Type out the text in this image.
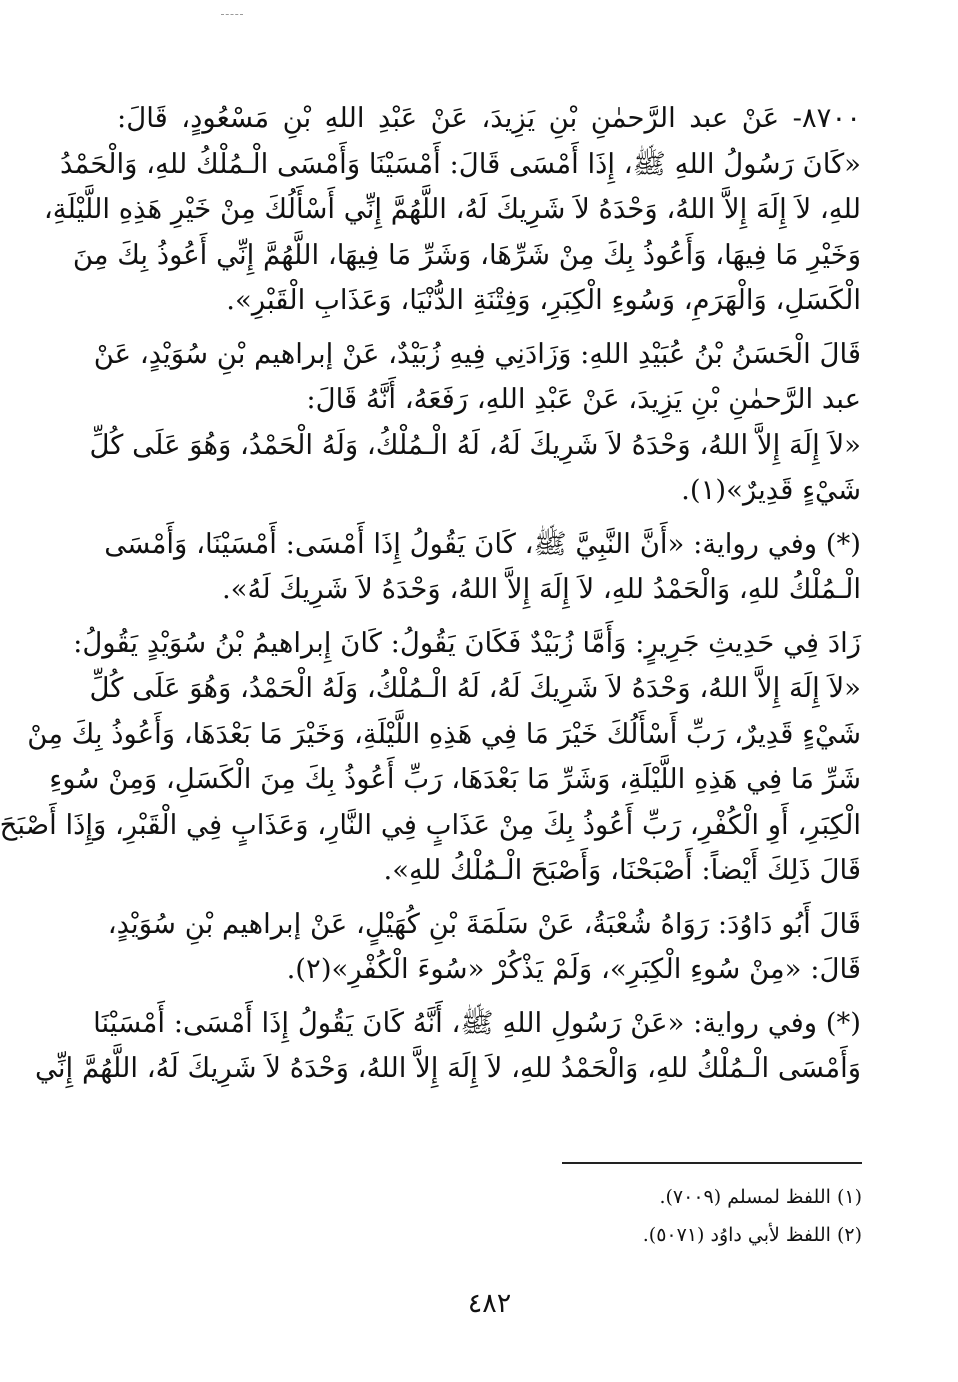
٨٧٠٠- عَنْ عبد الرَّحمٰنِ بْنِ يَزِيدَ، عَنْ عَبْدِ اللهِ بْنِ مَسْعُودٍ، قَالَ:
«كَانَ رَسُولُ اللهِ ﷺ، إِذَا أَمْسَى قَالَ: أَمْسَيْنَا وَأَمْسَى الْـمُلْكُ للهِ، وَالْحَمْدُ
للهِ، لاَ إِلَهَ إِلاَّ اللهُ، وَحْدَهُ لاَ شَرِيكَ لَهُ، اللَّهُمَّ إِنِّي أَسْأَلُكَ مِنْ خَيْرِ هَذِهِ اللَّيْلَةِ،
وَخَيْرِ مَا فِيهَا، وَأَعُوذُ بِكَ مِنْ شَرِّهَا، وَشَرِّ مَا فِيهَا، اللَّهُمَّ إِنِّي أَعُوذُ بِكَ مِنَ
الْكَسَلِ، وَالْهَرَمِ، وَسُوءِ الْكِبَرِ، وَفِتْنَةِ الدُّنْيَا، وَعَذَابِ الْقَبْرِ».
قَالَ الْحَسَنُ بْنُ عُبَيْدِ اللهِ: وَزَادَنِي فِيهِ زُبَيْدٌ، عَنْ إبراهيم بْنِ سُوَيْدٍ، عَنْ
عبد الرَّحمٰنِ بْنِ يَزِيدَ، عَنْ عَبْدِ اللهِ، رَفَعَهُ، أَنَّهُ قَالَ:
«لاَ إِلَهَ إِلاَّ اللهُ، وَحْدَهُ لاَ شَرِيكَ لَهُ، لَهُ الْـمُلْكُ، وَلَهُ الْحَمْدُ، وَهُوَ عَلَى كُلِّ
شَيْءٍ قَدِيرٌ»(١).
(*) وفي رواية: «أَنَّ النَّبِيَّ ﷺ، كَانَ يَقُولُ إِذَا أَمْسَى: أَمْسَيْنَا، وَأَمْسَى
الْـمُلْكُ للهِ، وَالْحَمْدُ للهِ، لاَ إِلَهَ إِلاَّ اللهُ، وَحْدَهُ لاَ شَرِيكَ لَهُ».
زَادَ فِي حَدِيثِ جَرِيرٍ: وَأَمَّا زُبَيْدٌ فَكَانَ يَقُولُ: كَانَ إِبراهيمُ بْنُ سُوَيْدٍ يَقُولُ:
«لاَ إِلَهَ إِلاَّ اللهُ، وَحْدَهُ لاَ شَرِيكَ لَهُ، لَهُ الْـمُلْكُ، وَلَهُ الْحَمْدُ، وَهُوَ عَلَى كُلِّ
شَيْءٍ قَدِيرٌ، رَبِّ أَسْأَلُكَ خَيْرَ مَا فِي هَذِهِ اللَّيْلَةِ، وَخَيْرَ مَا بَعْدَهَا، وَأَعُوذُ بِكَ مِنْ
شَرِّ مَا فِي هَذِهِ اللَّيْلَةِ، وَشَرِّ مَا بَعْدَهَا، رَبِّ أَعُوذُ بِكَ مِنَ الْكَسَلِ، وَمِنْ سُوءِ
الْكِبَرِ، أَوِ الْكُفْرِ، رَبِّ أَعُوذُ بِكَ مِنْ عَذَابٍ فِي النَّارِ، وَعَذَابٍ فِي الْقَبْرِ، وَإِذَا أَصْبَحَ
قَالَ ذَلِكَ أَيْضاً: أَصْبَحْنَا، وَأَصْبَحَ الْـمُلْكُ للهِ».
قَالَ أَبُو دَاوُدَ: رَوَاهُ شُعْبَةُ، عَنْ سَلَمَةَ بْنِ كُهَيْلٍ، عَنْ إبراهيم بْنِ سُوَيْدٍ،
قَالَ: «مِنْ سُوءِ الْكِبَرِ»، وَلَمْ يَذْكُرْ «سُوءَ الْكُفْرِ»(٢).
(*) وفي رواية: «عَنْ رَسُولِ اللهِ ﷺ، أَنَّهُ كَانَ يَقُولُ إِذَا أَمْسَى: أَمْسَيْنَا
وَأَمْسَى الْـمُلْكُ للهِ، وَالْحَمْدُ للهِ، لاَ إِلَهَ إِلاَّ اللهُ، وَحْدَهُ لاَ شَرِيكَ لَهُ، اللَّهُمَّ إِنِّي
(١) اللفظ لمسلم (٧٠٠٩).
(٢) اللفظ لأبي داوُد (٥٠٧١).
٤٨٢
